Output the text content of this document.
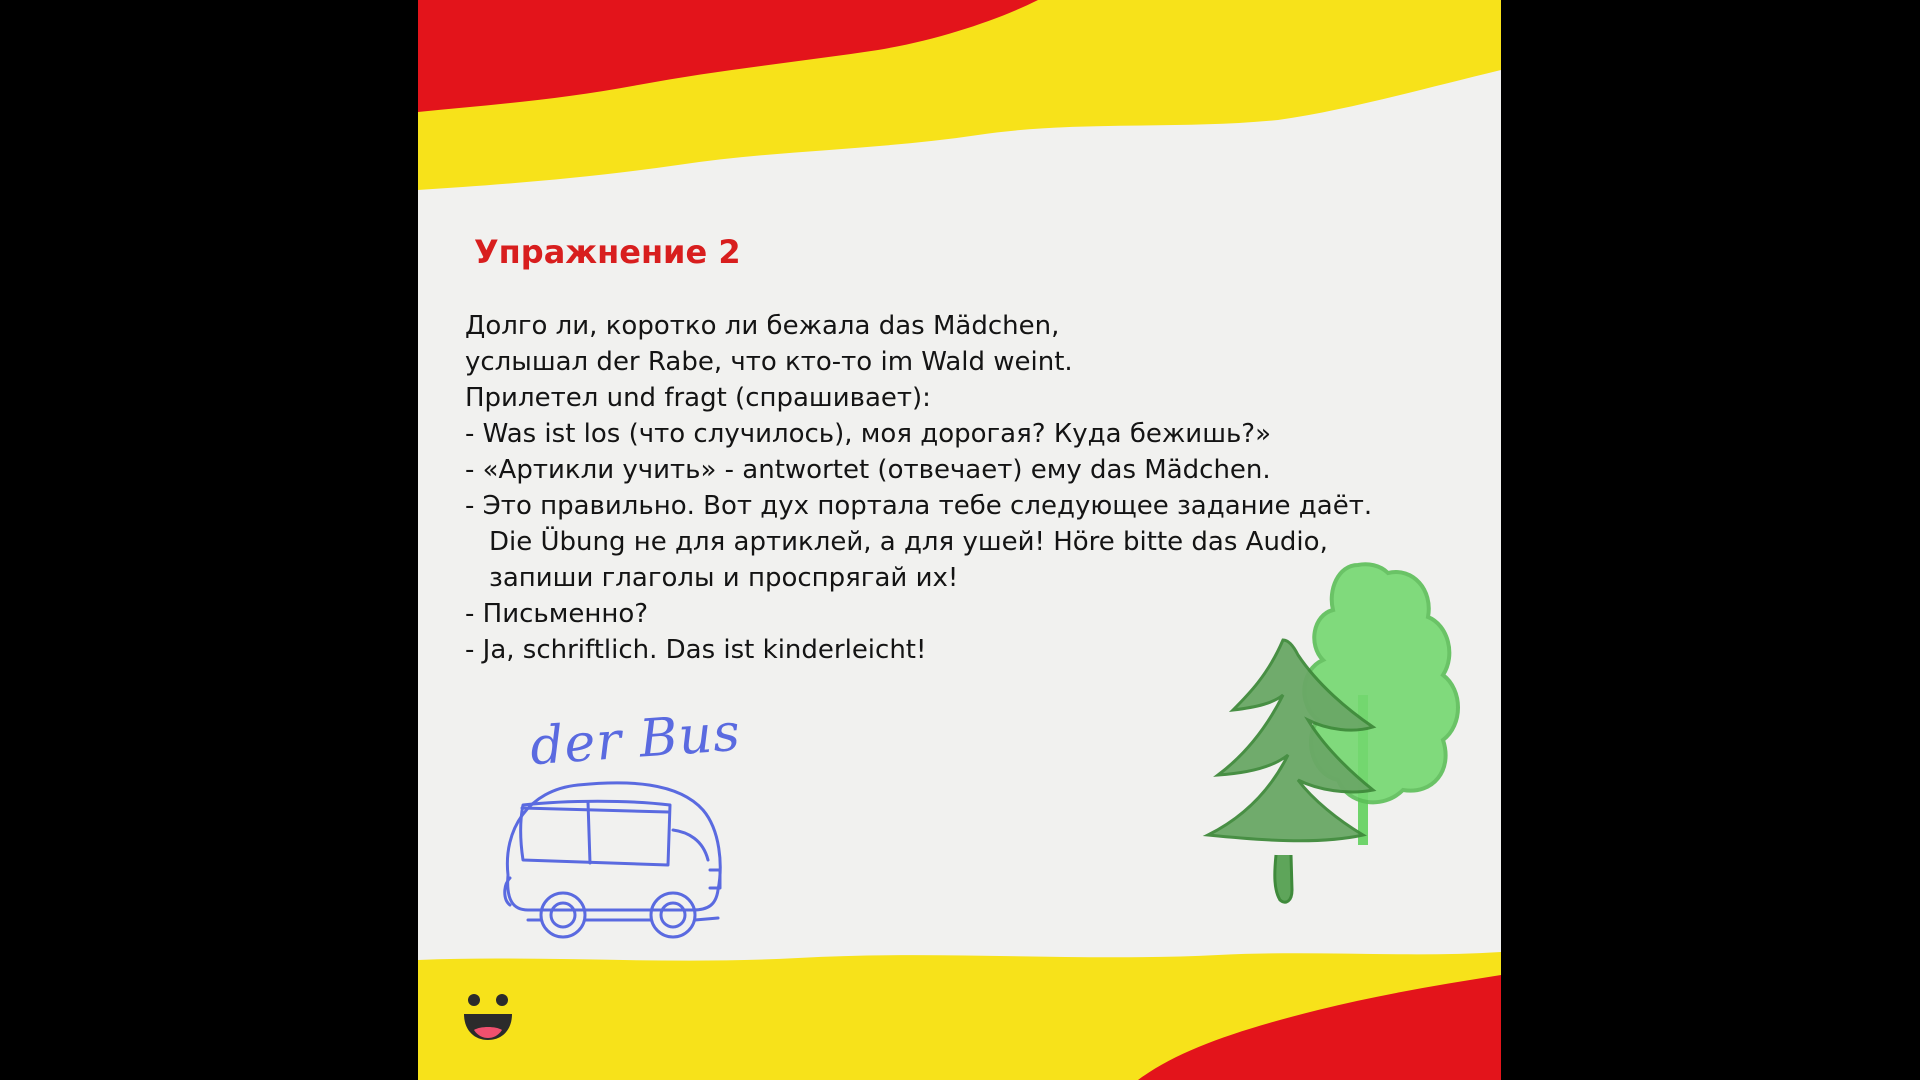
Упражнение 2
Долго ли, коротко ли бежала das Mädchen,
услышал der Rabe, что кто-то im Wald weint.
Прилетел und fragt (спрашивает):
- Was ist los (что случилось), моя дорогая? Куда бежишь?»
- «Артикли учить» - antwortet (отвечает) ему das Mädchen.
- Это правильно. Вот дух портала тебе следующее задание даёт.
Die Übung не для артиклей, а для ушей! Höre bitte das Audio,
запиши глаголы и проспрягай их!
- Письменно?
- Ja, schriftlich. Das ist kinderleicht!
der Bus
